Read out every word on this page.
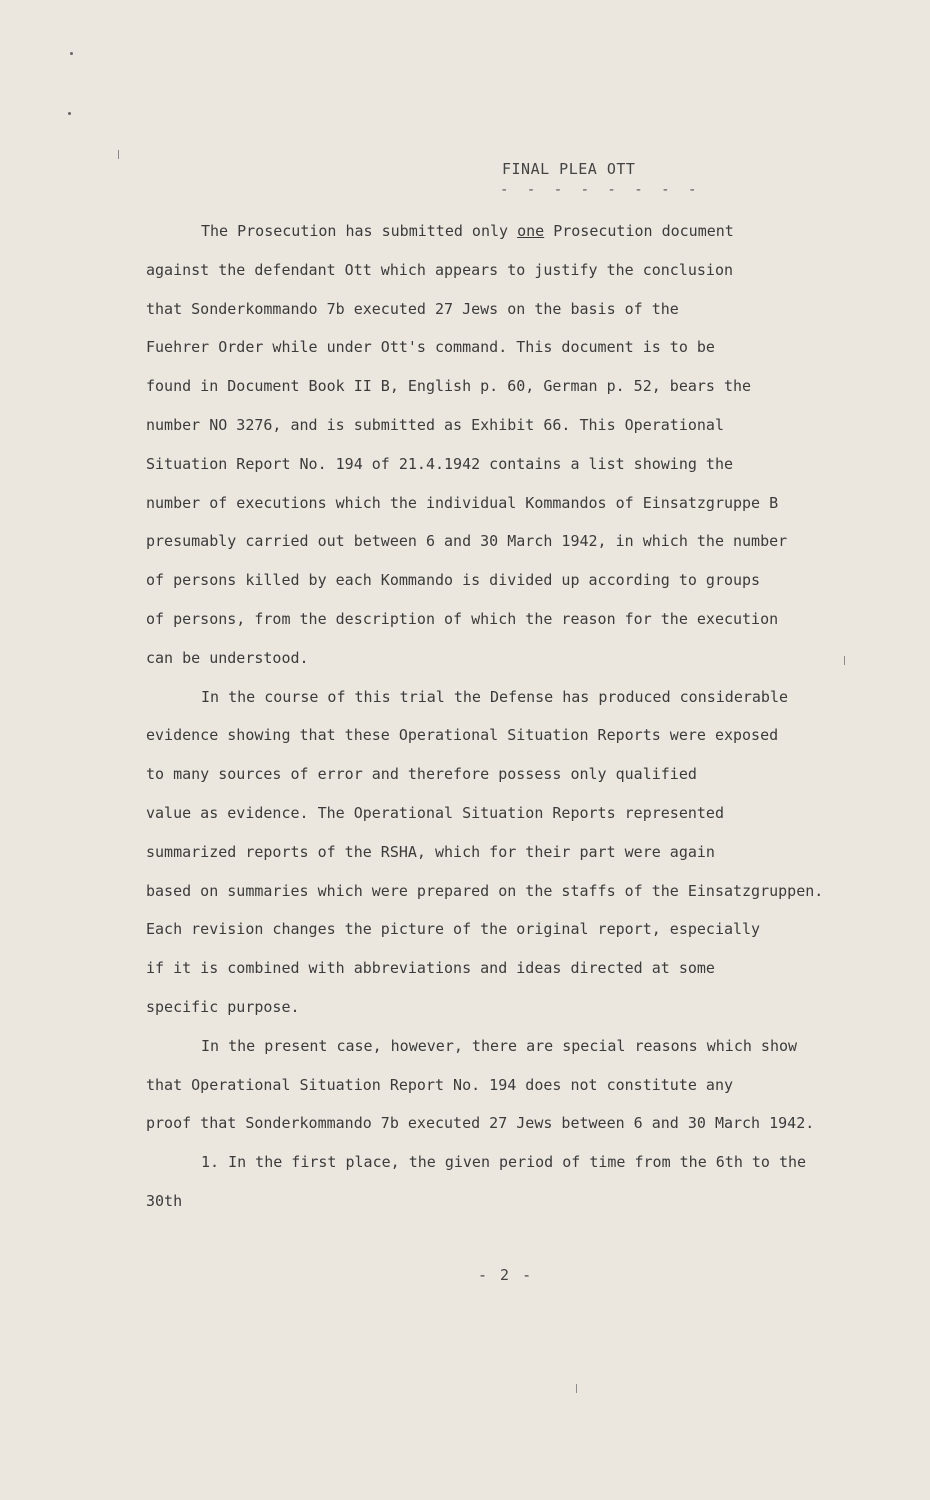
FINAL PLEA OTT
- - - - - - - -
The Prosecution has submitted only one Prosecution document
against the defendant Ott which appears to justify the conclusion
that Sonderkommando 7b executed 27 Jews on the basis of the
Fuehrer Order while under Ott's command. This document is to be
found in Document Book II B, English p. 60, German p. 52, bears the
number NO 3276, and is submitted as Exhibit 66. This Operational
Situation Report No. 194 of 21.4.1942 contains a list showing the
number of executions which the individual Kommandos of Einsatzgruppe B
presumably carried out between 6 and 30 March 1942, in which the number
of persons killed by each Kommando is divided up according to groups
of persons, from the description of which the reason for the execution
can be understood.
In the course of this trial the Defense has produced considerable
evidence showing that these Operational Situation Reports were exposed
to many sources of error and therefore possess only qualified
value as evidence. The Operational Situation Reports represented
summarized reports of the RSHA, which for their part were again
based on summaries which were prepared on the staffs of the Einsatzgruppen.
Each revision changes the picture of the original report, especially
if it is combined with abbreviations and ideas directed at some
specific purpose.
In the present case, however, there are special reasons which show
that Operational Situation Report No. 194 does not constitute any
proof that Sonderkommando 7b executed 27 Jews between 6 and 30 March 1942.
1. In the first place, the given period of time from the 6th to the
30th
- 2 -
